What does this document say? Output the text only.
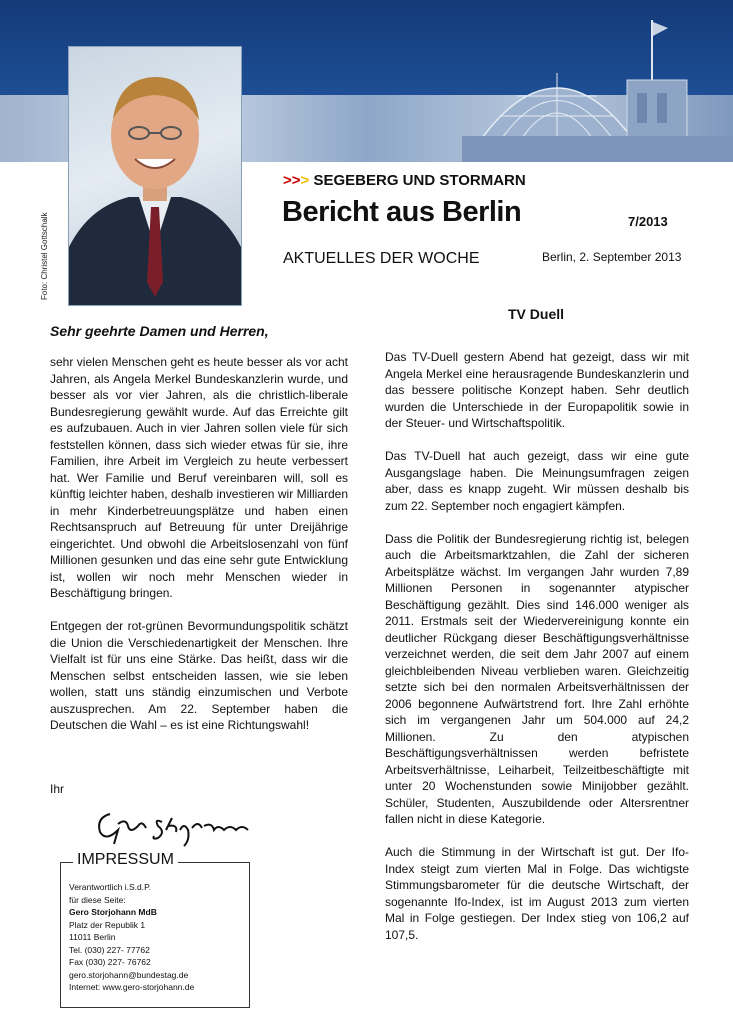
Foto: Christel Gottschalk
>>> SEGEBERG UND STORMARN
Bericht aus Berlin	7/2013
AKTUELLES DER WOCHE	Berlin, 2. September 2013
Sehr geehrte Damen und Herren,

sehr vielen Menschen geht es heute besser als vor acht Jahren, als Angela Merkel Bundeskanzlerin wurde, und besser als vor vier Jahren, als die christlich-liberale Bundesregierung gewählt wurde. Auf das Erreichte gilt es aufzubauen. Auch in vier Jahren sollen viele für sich feststellen können, dass sich wieder etwas für sie, ihre Familien, ihre Arbeit im Vergleich zu heute verbessert hat. Wer Familie und Beruf vereinbaren will, soll es künftig leichter haben, deshalb investieren wir Milliarden in mehr Kinderbetreuungsplätze und haben einen Rechtsanspruch auf Betreuung für unter Dreijährige eingerichtet. Und obwohl die Arbeitslosenzahl von fünf Millionen gesunken und das eine sehr gute Entwicklung ist, wollen wir noch mehr Menschen wieder in Beschäftigung bringen.

Entgegen der rot-grünen Bevormundungspolitik schätzt die Union die Verschiedenartigkeit der Menschen. Ihre Vielfalt ist für uns eine Stärke. Das heißt, dass wir die Menschen selbst entscheiden lassen, wie sie leben wollen, statt uns ständig einzumischen und Verbote auszusprechen. Am 22. September haben die Deutschen die Wahl – es ist eine Richtungswahl!

Ihr
IMPRESSUM
Verantwortlich i.S.d.P.
für diese Seite:
Gero Storjohann MdB
Platz der Republik 1
11011 Berlin
Tel. (030) 227- 77762
Fax (030) 227- 76762
gero.storjohann@bundestag.de
Internet: www.gero-storjohann.de
TV Duell

Das TV-Duell gestern Abend hat gezeigt, dass wir mit Angela Merkel eine herausragende Bundeskanzlerin und das bessere politische Konzept haben. Sehr deutlich wurden die Unterschiede in der Europapolitik sowie in der Steuer- und Wirtschaftspolitik.

Das TV-Duell hat auch gezeigt, dass wir eine gute Ausgangslage haben. Die Meinungsumfragen zeigen aber, dass es knapp zugeht. Wir müssen deshalb bis zum 22. September noch engagiert kämpfen.

Dass die Politik der Bundesregierung richtig ist, belegen auch die Arbeitsmarktzahlen, die Zahl der sicheren Arbeitsplätze wächst. Im vergangen Jahr wurden 7,89 Millionen Personen in sogenannter atypischer Beschäftigung gezählt. Dies sind 146.000 weniger als 2011. Erstmals seit der Wiedervereinigung konnte ein deutlicher Rückgang dieser Beschäftigungsverhältnisse verzeichnet werden, die seit dem Jahr 2007 auf einem gleichbleibenden Niveau verblieben waren. Gleichzeitig setzte sich bei den normalen Arbeitsverhältnissen der 2006 begonnene Aufwärtstrend fort. Ihre Zahl erhöhte sich im vergangenen Jahr um 504.000 auf 24,2 Millionen. Zu den atypischen Beschäftigungsverhältnissen werden befristete Arbeitsverhältnisse, Leiharbeit, Teilzeitbeschäftigte mit unter 20 Wochenstunden sowie Minijobber gezählt. Schüler, Studenten, Auszubildende oder Altersrentner fallen nicht in diese Kategorie.

Auch die Stimmung in der Wirtschaft ist gut. Der Ifo-Index steigt zum vierten Mal in Folge. Das wichtigste Stimmungsbarometer für die deutsche Wirtschaft, der sogenannte Ifo-Index, ist im August 2013 zum vierten Mal in Folge gestiegen. Der Index stieg von 106,2 auf 107,5.
